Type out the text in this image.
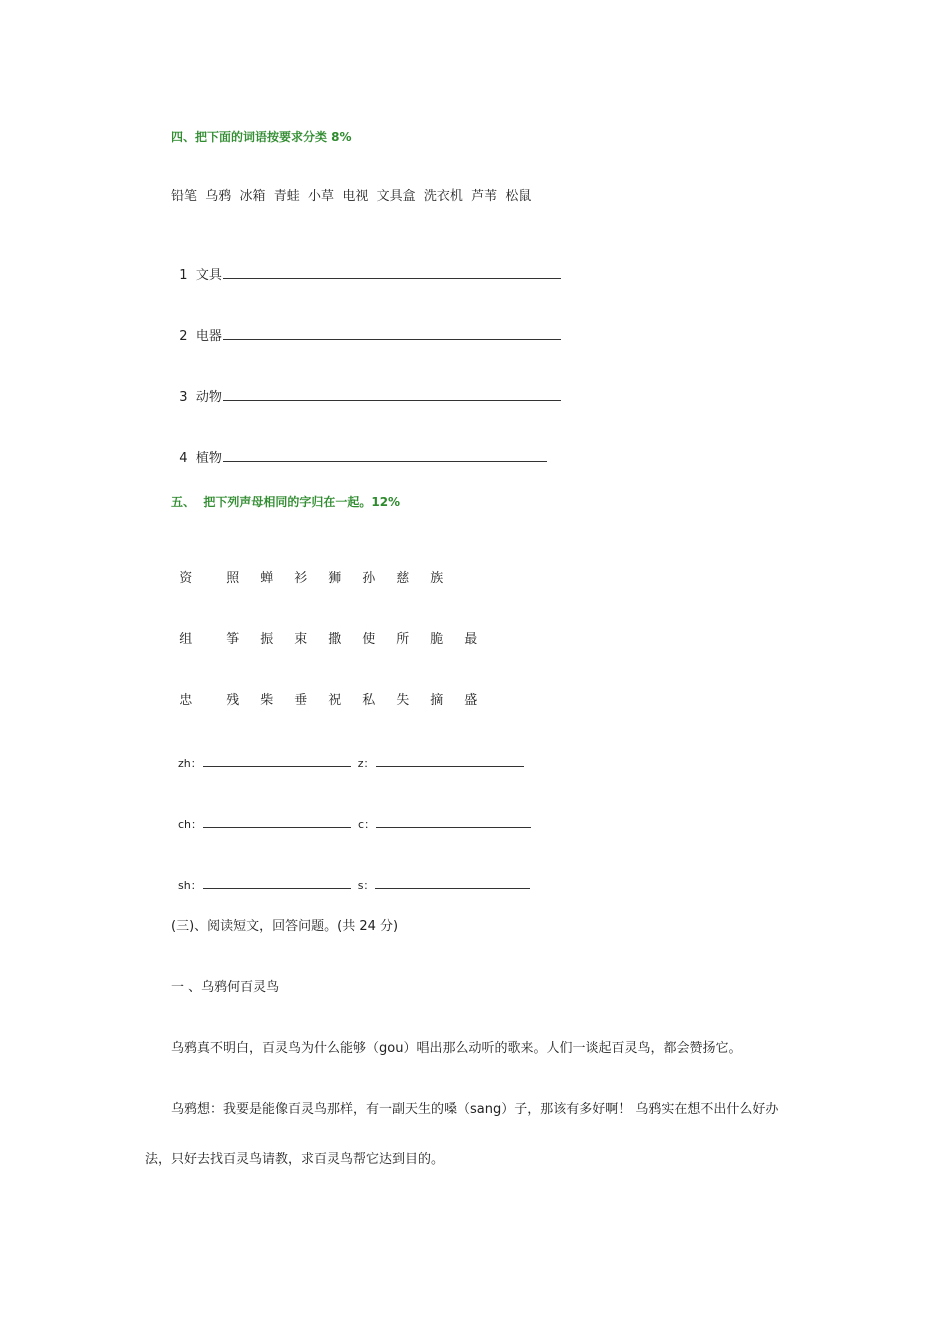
四、把下面的词语按要求分类 8%
铅笔  乌鸦  冰箱  青蛙  小草  电视  文具盒  洗衣机  芦苇  松鼠

1 文具

2 电器

3 动物

4 植物

五、  把下列声母相同的字归在一起。12%

资	照 蝉 衫 狮 孙 慈 族

组	筝 振 束 撒 使 所 脆 最

忠	残 柴 垂 祝 私 失 摘 盛

zh：	z：

ch：	c：

sh：	s：

(三)、阅读短文，回答问题。(共 24 分)
一 、乌鸦何百灵鸟
乌鸦真不明白，百灵鸟为什么能够（gou）唱出那么动听的歌来。人们一谈起百灵鸟，都会赞扬它。
乌鸦想：我要是能像百灵鸟那样，有一副天生的嗓（sang）子，那该有多好啊！ 乌鸦实在想不出什么好办
法，只好去找百灵鸟请教，求百灵鸟帮它达到目的。
